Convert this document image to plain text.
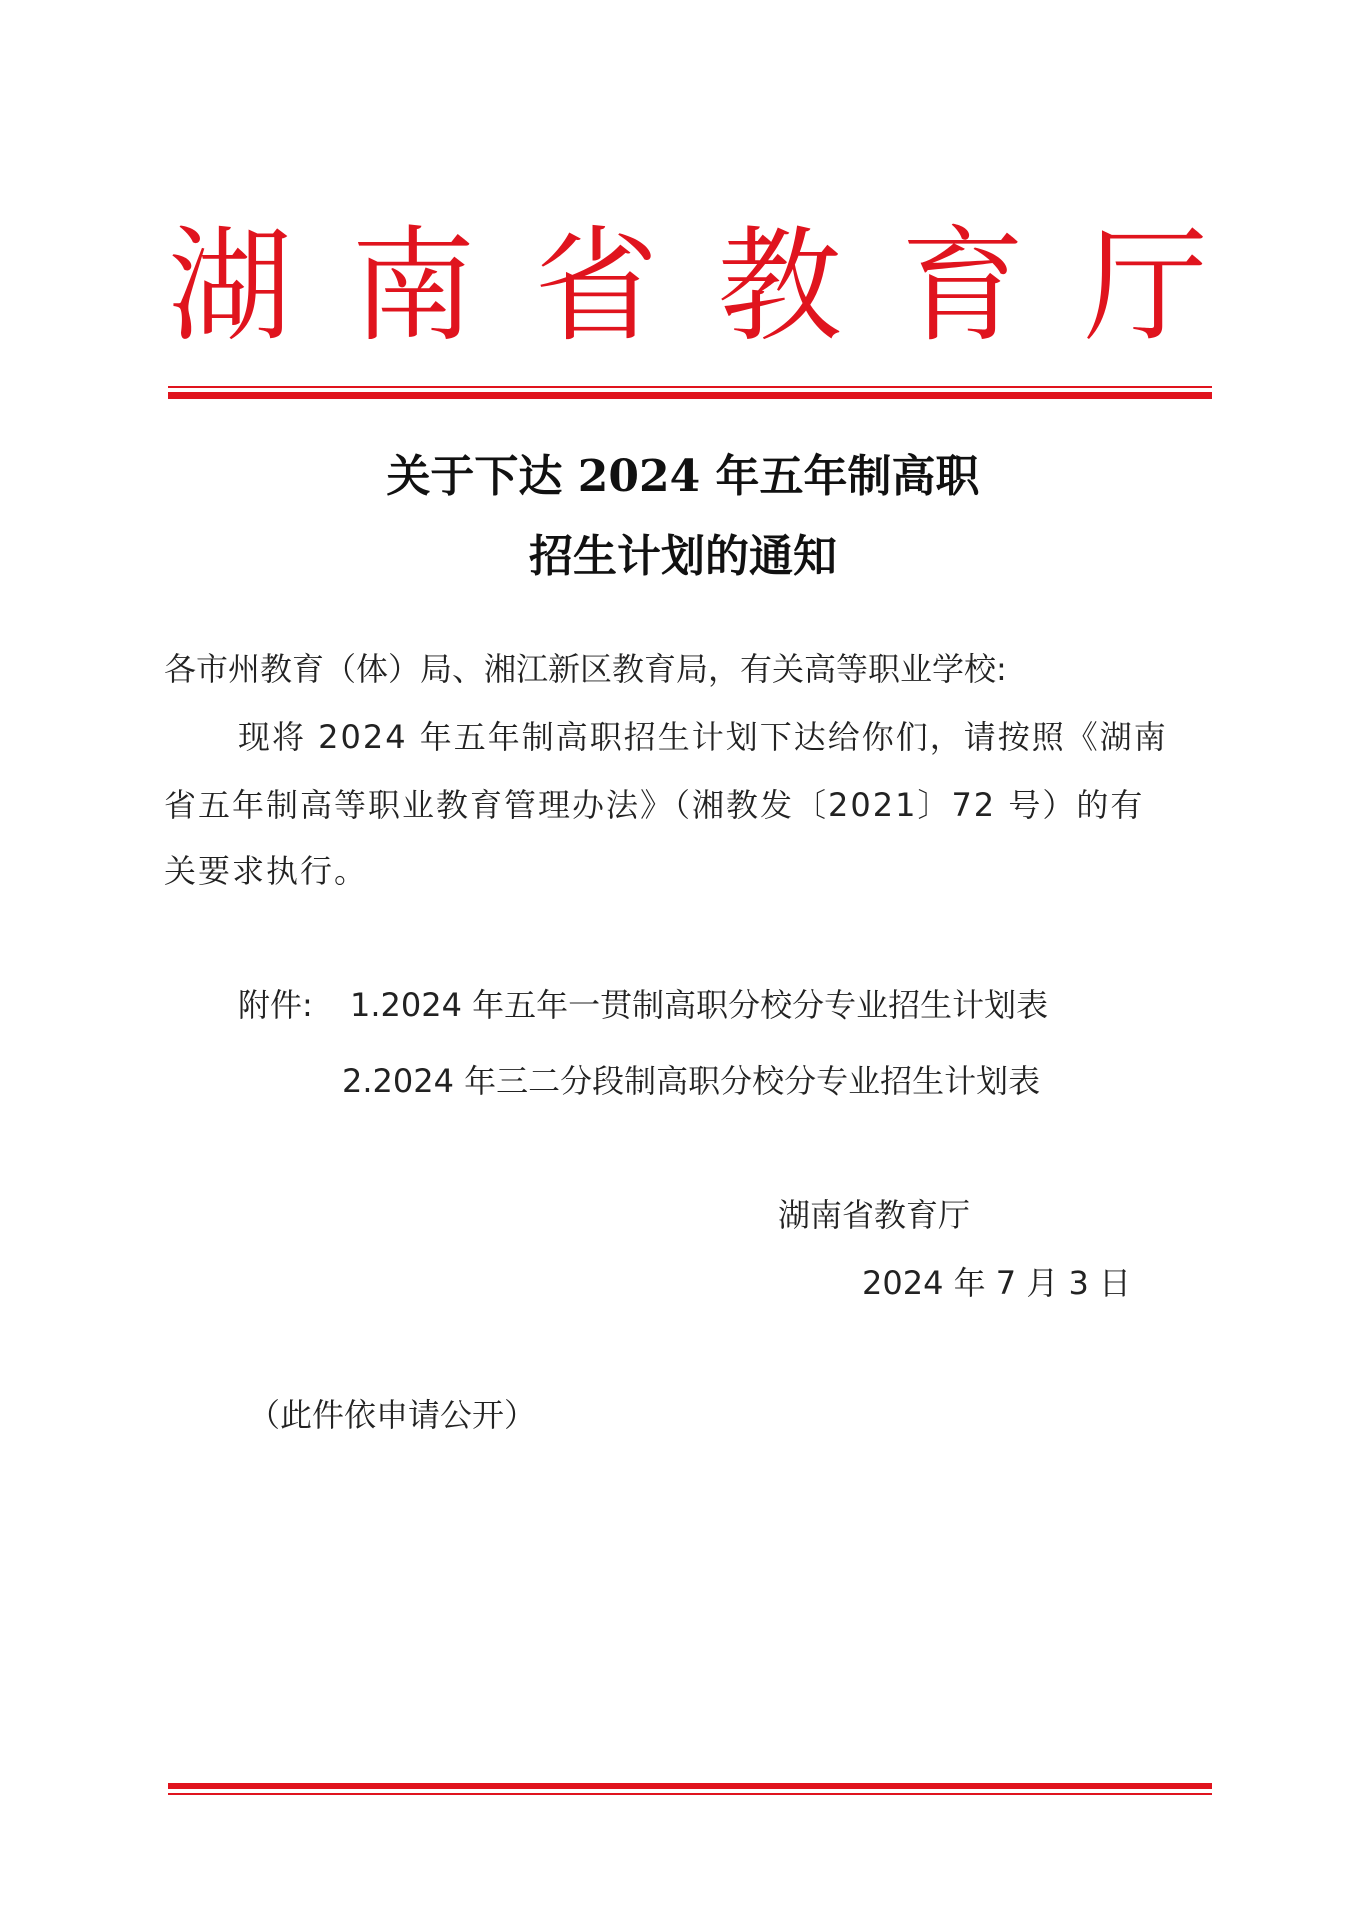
湖 南 省 教 育 厅
关于下达 2024 年五年制高职
招生计划的通知
各市州教育（体）局、湘江新区教育局，有关高等职业学校:
现将 2024 年五年制高职招生计划下达给你们，请按照《湖南
省五年制高等职业教育管理办法》（湘教发〔2021〕72 号）的有
关要求执行。
附件: 1.2024 年五年一贯制高职分校分专业招生计划表
2.2024 年三二分段制高职分校分专业招生计划表
湖南省教育厅
2024 年 7 月 3 日
（此件依申请公开）
